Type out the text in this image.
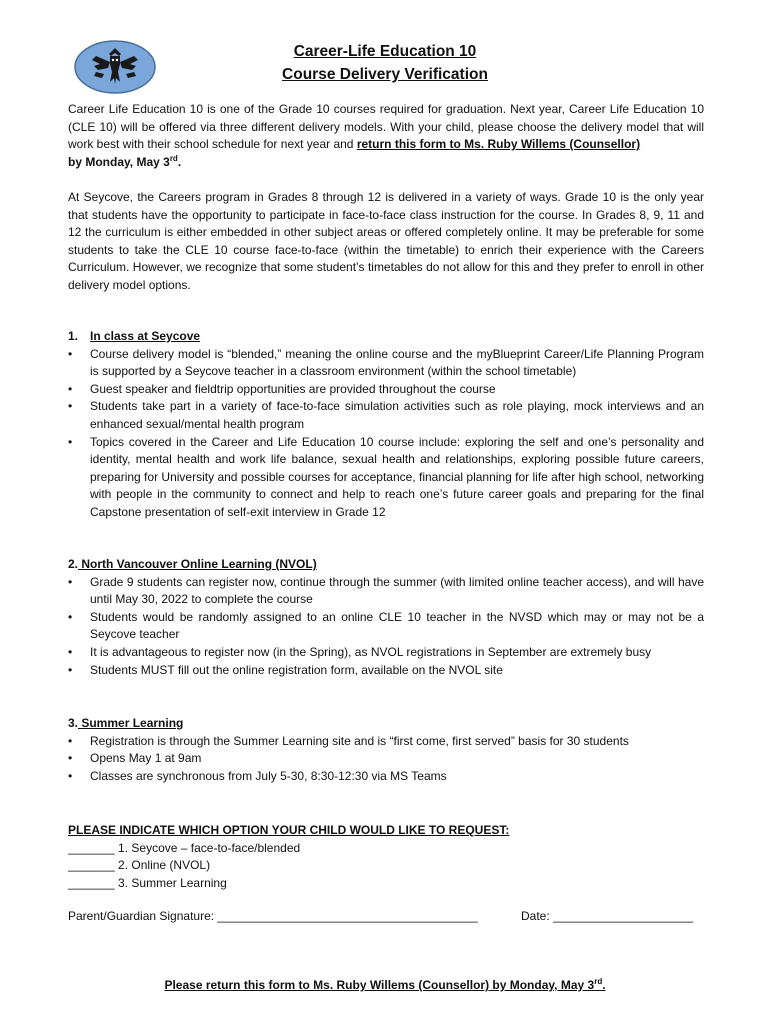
Career-Life Education 10
Course Delivery Verification
Career Life Education 10 is one of the Grade 10 courses required for graduation. Next year, Career Life Education 10 (CLE 10) will be offered via three different delivery models. With your child, please choose the delivery model that will work best with their school schedule for next year and return this form to Ms. Ruby Willems (Counsellor)
by Monday, May 3rd.
At Seycove, the Careers program in Grades 8 through 12 is delivered in a variety of ways. Grade 10 is the only year that students have the opportunity to participate in face-to-face class instruction for the course. In Grades 8, 9, 11 and 12 the curriculum is either embedded in other subject areas or offered completely online. It may be preferable for some students to take the CLE 10 course face-to-face (within the timetable) to enrich their experience with the Careers Curriculum. However, we recognize that some student’s timetables do not allow for this and they prefer to enroll in other delivery model options.
1. In class at Seycove
• Course delivery model is “blended,” meaning the online course and the myBlueprint Career/Life Planning Program is supported by a Seycove teacher in a classroom environment (within the school timetable)
• Guest speaker and fieldtrip opportunities are provided throughout the course
• Students take part in a variety of face-to-face simulation activities such as role playing, mock interviews and an enhanced sexual/mental health program
• Topics covered in the Career and Life Education 10 course include: exploring the self and one’s personality and identity, mental health and work life balance, sexual health and relationships, exploring possible future careers, preparing for University and possible courses for acceptance, financial planning for life after high school, networking with people in the community to connect and help to reach one’s future career goals and preparing for the final Capstone presentation of self-exit interview in Grade 12
2. North Vancouver Online Learning (NVOL)
• Grade 9 students can register now, continue through the summer (with limited online teacher access), and will have until May 30, 2022 to complete the course
• Students would be randomly assigned to an online CLE 10 teacher in the NVSD which may or may not be a Seycove teacher
• It is advantageous to register now (in the Spring), as NVOL registrations in September are extremely busy
• Students MUST fill out the online registration form, available on the NVOL site
3. Summer Learning
• Registration is through the Summer Learning site and is “first come, first served” basis for 30 students
• Opens May 1 at 9am
• Classes are synchronous from July 5-30, 8:30-12:30 via MS Teams
PLEASE INDICATE WHICH OPTION YOUR CHILD WOULD LIKE TO REQUEST:
_______ 1. Seycove – face-to-face/blended
_______ 2. Online (NVOL)
_______ 3. Summer Learning
Parent/Guardian Signature: _______________________________________	Date: _____________________
Please return this form to Ms. Ruby Willems (Counsellor) by Monday, May 3rd.
